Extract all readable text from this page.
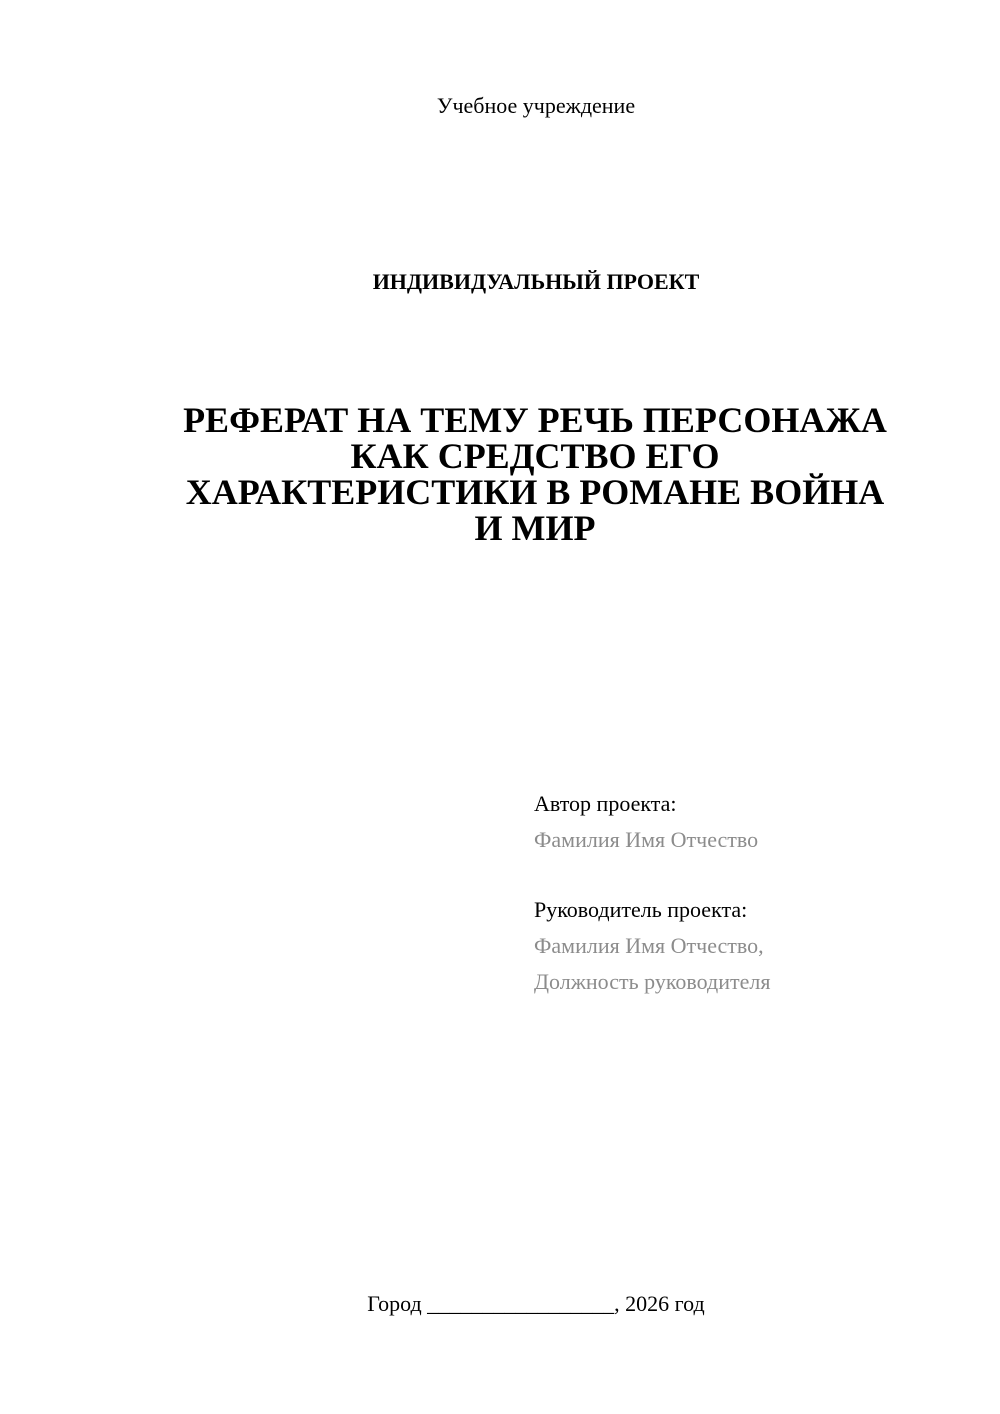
Учебное учреждение
ИНДИВИДУАЛЬНЫЙ ПРОЕКТ
РЕФЕРАТ НА ТЕМУ РЕЧЬ ПЕРСОНАЖА
КАК СРЕДСТВО ЕГО
ХАРАКТЕРИСТИКИ В РОМАНЕ ВОЙНА
И МИР
Автор проекта:
Фамилия Имя Отчество
Руководитель проекта:
Фамилия Имя Отчество,
Должность руководителя
Город _________________, 2026 год
